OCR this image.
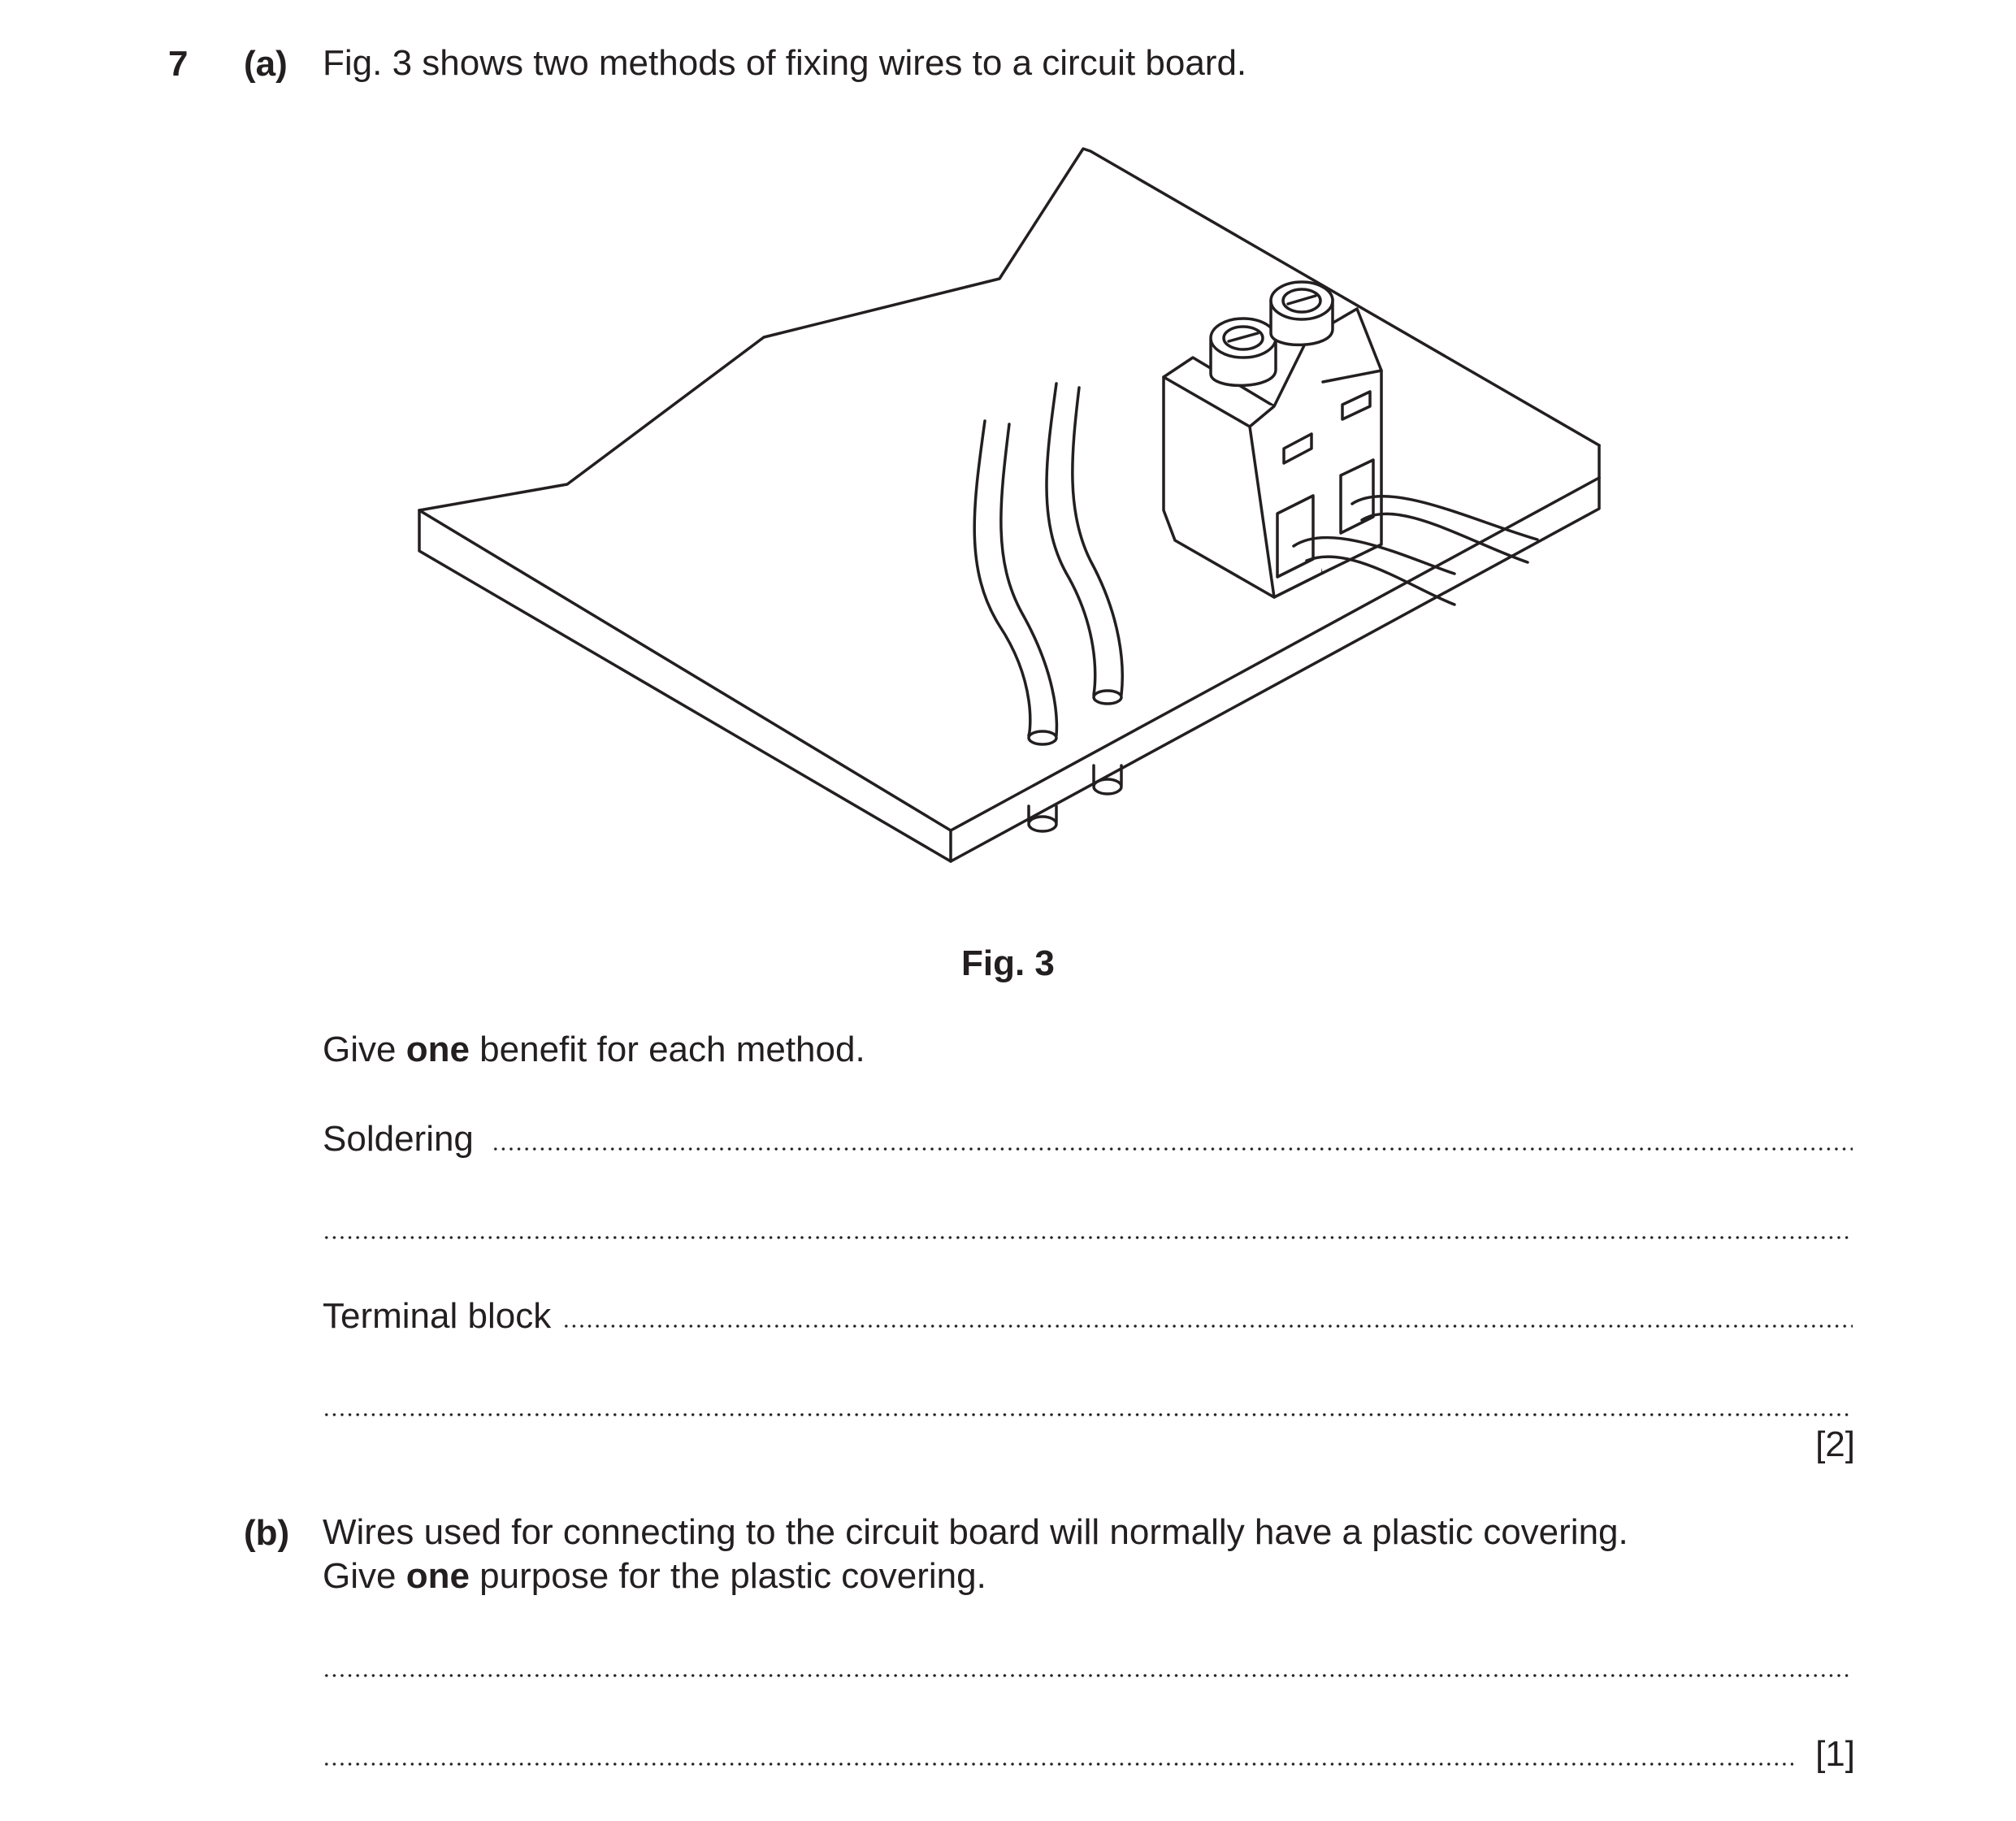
7 (a) Fig. 3 shows two methods of fixing wires to a circuit board.
Fig. 3
Give one benefit for each method.
Soldering
Terminal block
[2]
(b) Wires used for connecting to the circuit board will normally have a plastic covering.
Give one purpose for the plastic covering.
[1]
